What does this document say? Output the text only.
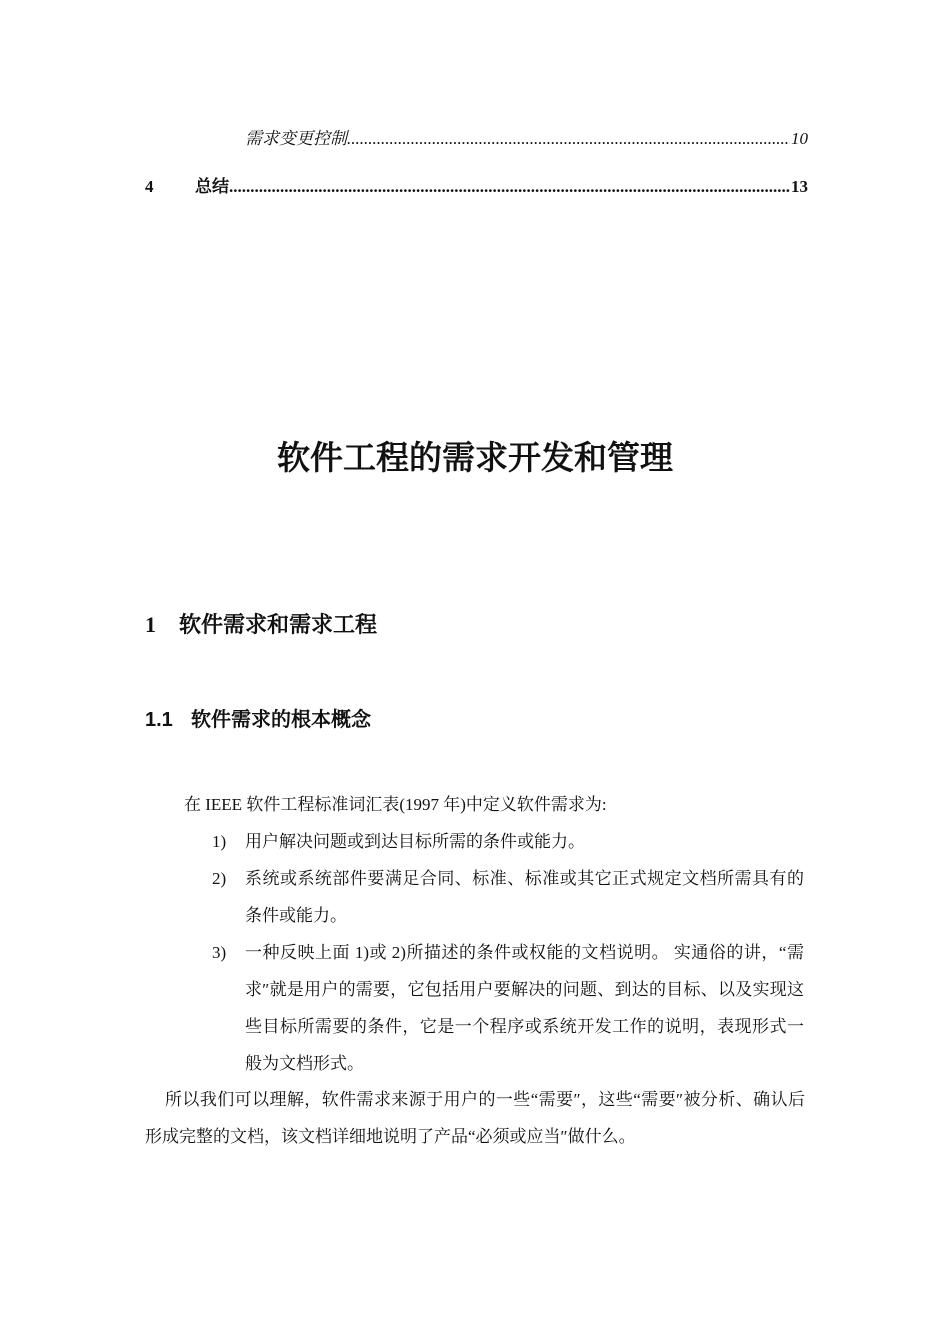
需求变更控制 .....	10
4	总结 .....	13
软件工程的需求开发和管理
1 软件需求和需求工程
1.1 软件需求的根本概念

在 IEEE 软件工程标准词汇表(1997 年)中定义软件需求为:

1) 用户解决问题或到达目标所需的条件或能力。
2) 系统或系统部件要满足合同、标准、标准或其它正式规定文档所需具有的条件或能力。
3) 一种反映上面 1)或 2)所描述的条件或权能的文档说明。 实通俗的讲，“需求″就是用户的需要，它包括用户要解决的问题、到达的目标、以及实现这些目标所需要的条件，它是一个程序或系统开发工作的说明，表现形式一般为文档形式。

所以我们可以理解，软件需求来源于用户的一些“需要″，这些“需要″被分析、确认后形成完整的文档，该文档详细地说明了产品“必须或应当″做什么。
